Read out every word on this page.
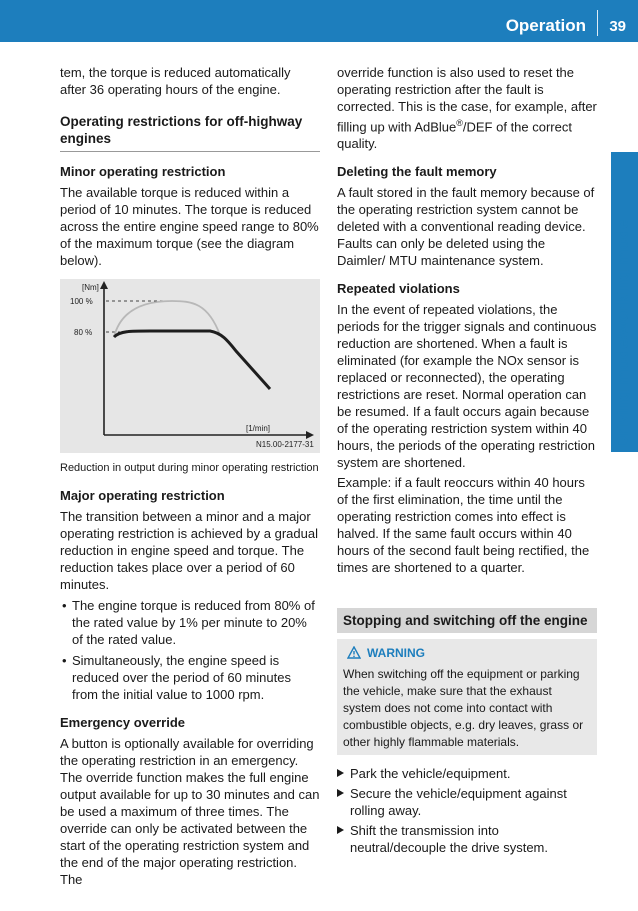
Operation 39
Driving mode/working mode

tem, the torque is reduced automatically after 36 operating hours of the engine.

Operating restrictions for off-highway engines
Minor operating restriction

The available torque is reduced within a period of 10 minutes. The torque is reduced across the entire engine speed range to 80% of the maximum torque (see the diagram below).

[Nm]
100 %
80 %
[1/min]
N15.00-2177-31
Reduction in output during minor operating restriction
Major operating restriction

The transition between a minor and a major operating restriction is achieved by a gradual reduction in engine speed and torque. The reduction takes place over a period of 60 minutes.

• The engine torque is reduced from 80% of the rated value by 1% per minute to 20% of the rated value.
• Simultaneously, the engine speed is reduced over the period of 60 minutes from the initial value to 1000 rpm.
Emergency override

A button is optionally available for overriding the operating restriction in an emergency. The override function makes the full engine output available for up to 30 minutes and can be used a maximum of three times. The override can only be activated between the start of the operating restriction system and the end of the major operating restriction. The

override function is also used to reset the operating restriction after the fault is corrected. This is the case, for example, after filling up with AdBlue®/DEF of the correct quality.

Deleting the fault memory

A fault stored in the fault memory because of the operating restriction system cannot be deleted with a conventional reading device. Faults can only be deleted using the Daimler/ MTU maintenance system.

Repeated violations

In the event of repeated violations, the periods for the trigger signals and continuous reduction are shortened. When a fault is eliminated (for example the NOx sensor is replaced or reconnected), the operating restrictions are reset. Normal operation can be resumed. If a fault occurs again because of the operating restriction system within 40 hours, the periods of the operating restriction system are shortened.

Example: if a fault reoccurs within 40 hours of the first elimination, the time until the operating restriction comes into effect is halved. If the same fault occurs within 40 hours of the second fault being rectified, the times are shortened to a quarter.

Stopping and switching off the engine
WARNING
When switching off the equipment or parking the vehicle, make sure that the exhaust system does not come into contact with combustible objects, e.g. dry leaves, grass or other highly flammable materials.
Park the vehicle/equipment.
Secure the vehicle/equipment against rolling away.
Shift the transmission into neutral/decouple the drive system.
